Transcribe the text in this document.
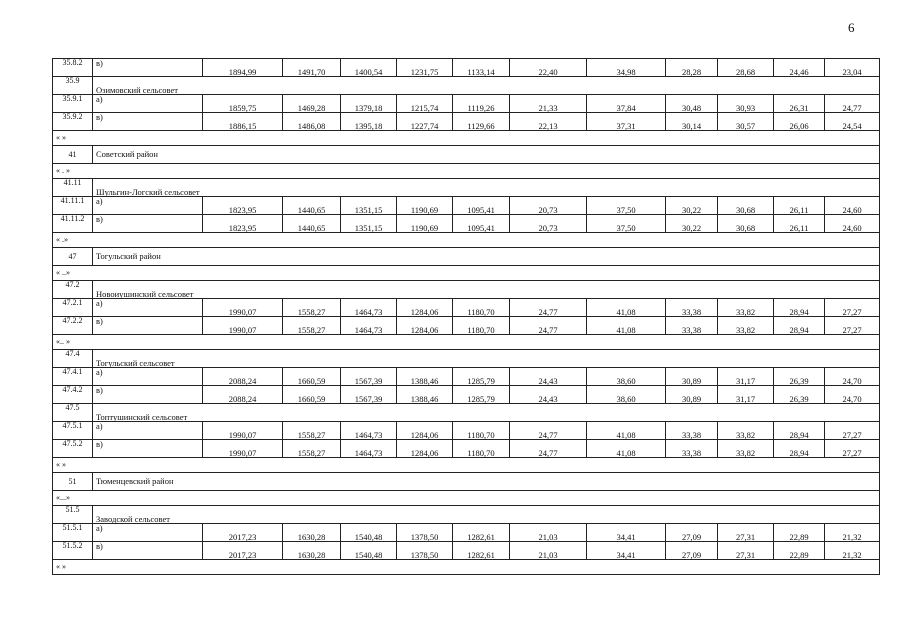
6
35.8.2	в)	1894,99	1491,70	1400,54	1231,75	1133,14	22,40	34,98	28,28	28,68	24,46	23,04
35.9	Озимовский сельсовет											
35.9.1	а)	1859,75	1469,28	1379,18	1215,74	1119,26	21,33	37,84	30,48	30,93	26,31	24,77
35.9.2	в)	1886,15	1486,08	1395,18	1227,74	1129,66	22,13	37,31	30,14	30,57	26,06	24,54
« »												
41	Советский район											
« . »												
41.11	Шульгин-Логский сельсовет											
41.11.1	а)	1823,95	1440,65	1351,15	1190,69	1095,41	20,73	37,50	30,22	30,68	26,11	24,60
41.11.2	в)	1823,95	1440,65	1351,15	1190,69	1095,41	20,73	37,50	30,22	30,68	26,11	24,60
« .»												
47	Тогульский район											
« ..»												
47.2	Новоиушинский сельсовет											
47.2.1	а)	1990,07	1558,27	1464,73	1284,06	1180,70	24,77	41,08	33,38	33,82	28,94	27,27
47.2.2	в)	1990,07	1558,27	1464,73	1284,06	1180,70	24,77	41,08	33,38	33,82	28,94	27,27
«.. »												
47.4	Тогульский сельсовет											
47.4.1	а)	2088,24	1660,59	1567,39	1388,46	1285,79	24,43	38,60	30,89	31,17	26,39	24,70
47.4.2	в)	2088,24	1660,59	1567,39	1388,46	1285,79	24,43	38,60	30,89	31,17	26,39	24,70
47.5	Топтушинский сельсовет											
47.5.1	а)	1990,07	1558,27	1464,73	1284,06	1180,70	24,77	41,08	33,38	33,82	28,94	27,27
47.5.2	в)	1990,07	1558,27	1464,73	1284,06	1180,70	24,77	41,08	33,38	33,82	28,94	27,27
« »												
51	Тюменцевский район											
«...»												
51.5	Заводской сельсовет											
51.5.1	а)	2017,23	1630,28	1540,48	1378,50	1282,61	21,03	34,41	27,09	27,31	22,89	21,32
51.5.2	в)	2017,23	1630,28	1540,48	1378,50	1282,61	21,03	34,41	27,09	27,31	22,89	21,32
« »												
